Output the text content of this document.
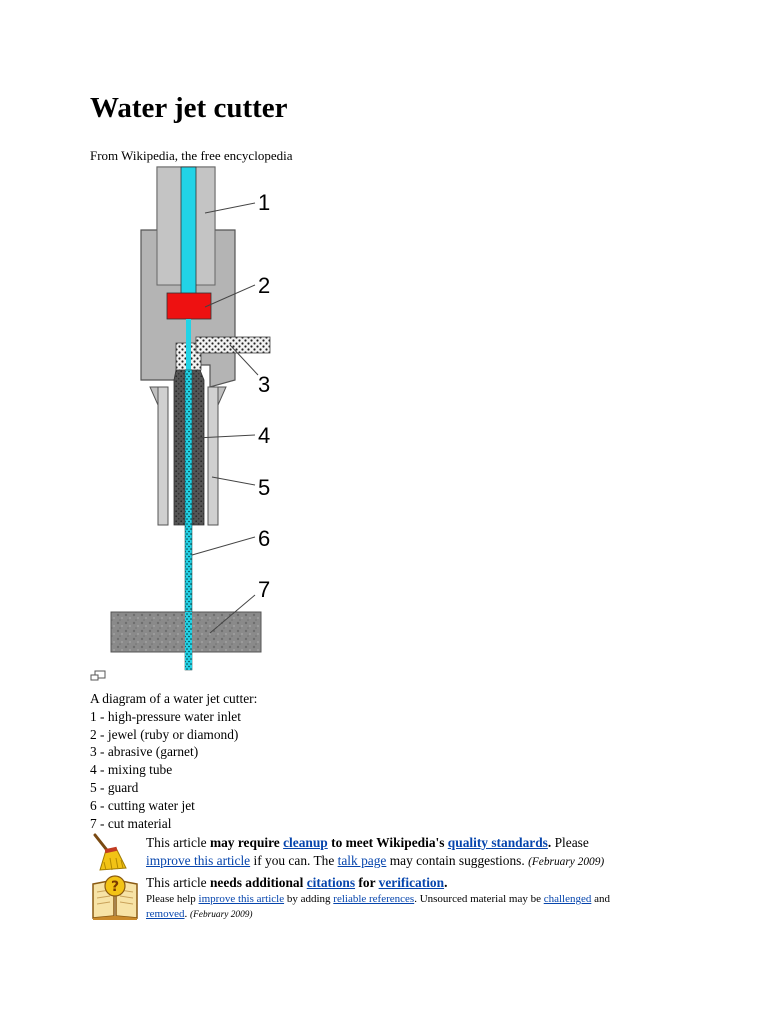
Water jet cutter
From Wikipedia, the free encyclopedia
1
2
3
4
5
6
7
A diagram of a water jet cutter:
1 - high-pressure water inlet
2 - jewel (ruby or diamond)
3 - abrasive (garnet)
4 - mixing tube
5 - guard
6 - cutting water jet
7 - cut material
This article may require cleanup to meet Wikipedia's quality standards. Please
improve this article if you can. The talk page may contain suggestions. (February 2009)
? This article needs additional citations for verification.
Please help improve this article by adding reliable references. Unsourced material may be challenged and
removed. (February 2009)
